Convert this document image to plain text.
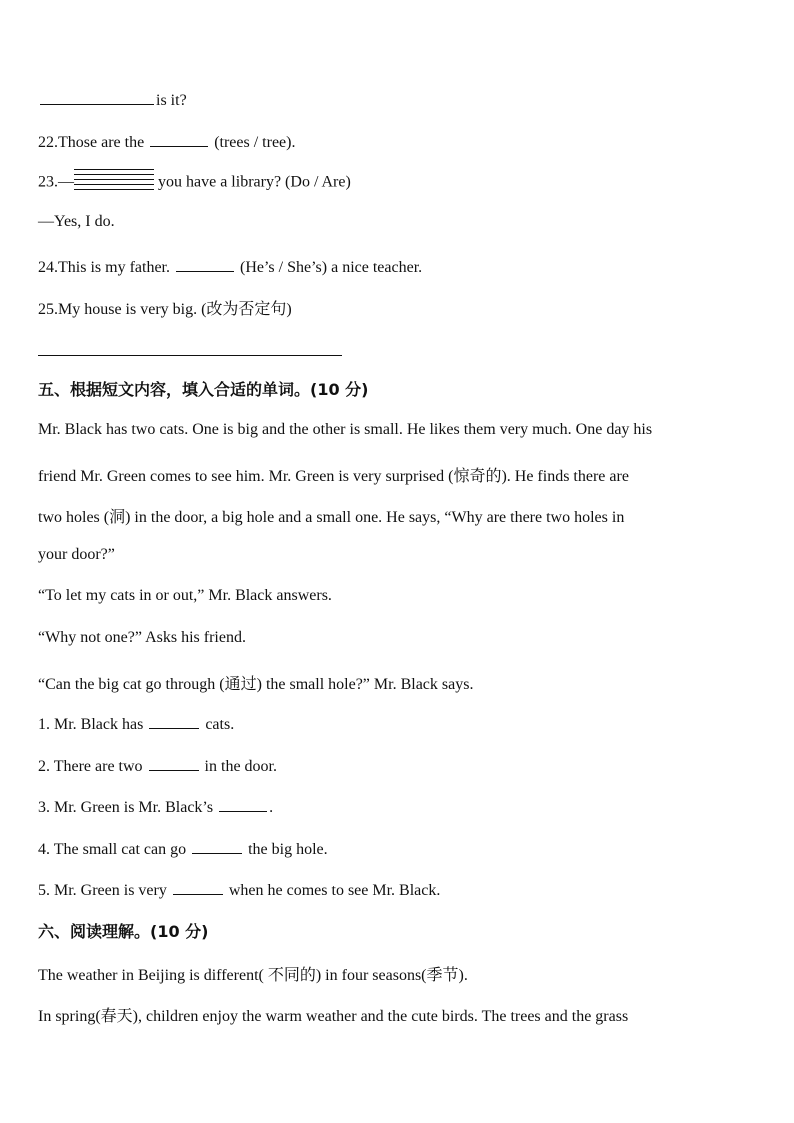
is it?
22.Those are the	(trees / tree).
23.—	you have a library? (Do / Are)
—Yes, I do.
24.This is my father.	(He’s / She’s) a nice teacher.
25.My house is very big. (改为否定句)
五、根据短文内容，填入合适的单词。(10 分)
Mr. Black has two cats. One is big and the other is small. He likes them very much. One day his
friend Mr. Green comes to see him. Mr. Green is very surprised (惊奇的). He finds there are
two holes (洞) in the door, a big hole and a small one. He says, “Why are there two holes in
your door?”
“To let my cats in or out,” Mr. Black answers.
“Why not one?” Asks his friend.
“Can the big cat go through (通过) the small hole?” Mr. Black says.
1. Mr. Black has	cats.
2. There are two	in the door.
3. Mr. Green is Mr. Black’s	.
4. The small cat can go	the big hole.
5. Mr. Green is very	when he comes to see Mr. Black.
六、阅读理解。(10 分)
The weather in Beijing is different( 不同的) in four seasons(季节).
In spring(春天), children enjoy the warm weather and the cute birds. The trees and the grass
